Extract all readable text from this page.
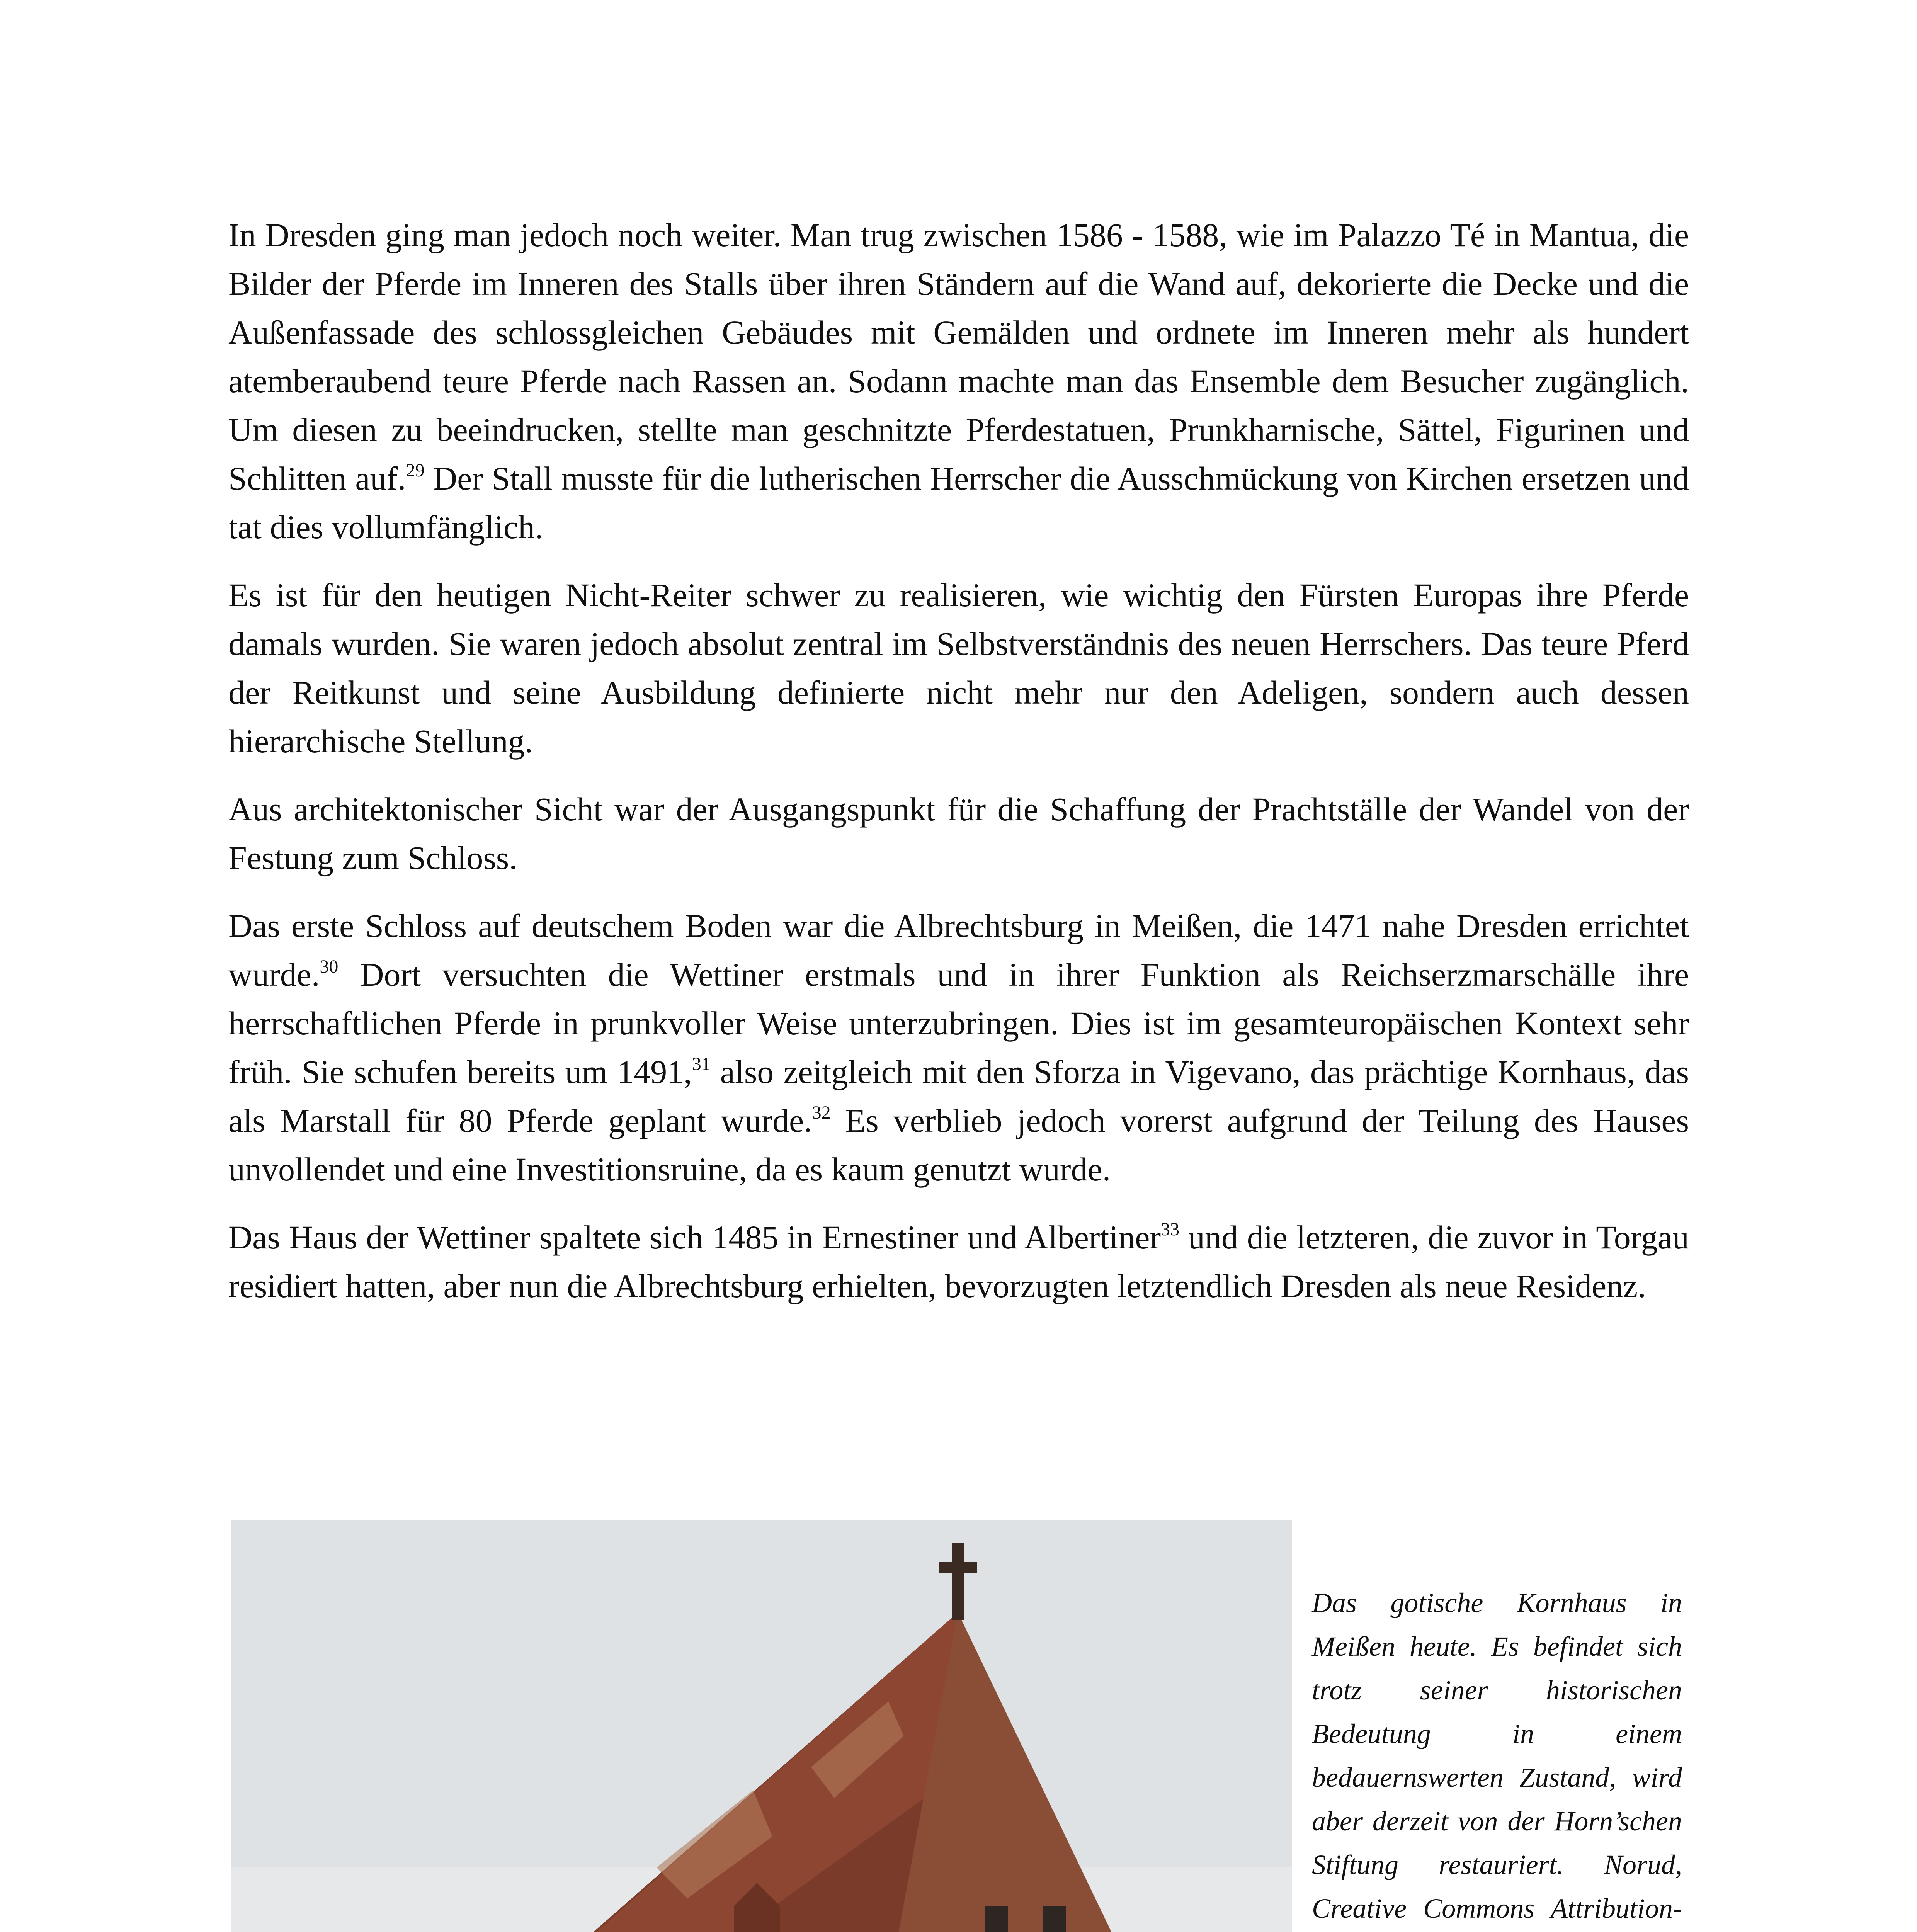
In Dresden ging man jedoch noch weiter. Man trug zwischen 1586 - 1588, wie im Palazzo Té in Mantua, die Bilder der Pferde im Inneren des Stalls über ihren Ständern auf die Wand auf, dekorierte die Decke und die Außenfassade des schlossgleichen Gebäudes mit Gemälden und ordnete im Inneren mehr als hundert atemberaubend teure Pferde nach Rassen an. Sodann machte man das Ensemble dem Besucher zugänglich. Um diesen zu beeindrucken, stellte man geschnitzte Pferdestatuen, Prunkharnische, Sättel, Figurinen und Schlitten auf.$^{29}$ Der Stall musste für die lutherischen Herrscher die Ausschmückung von Kirchen ersetzen und tat dies vollumfänglich.

Es ist für den heutigen Nicht-Reiter schwer zu realisieren, wie wichtig den Fürsten Europas ihre Pferde damals wurden. Sie waren jedoch absolut zentral im Selbstverständnis des neuen Herrschers. Das teure Pferd der Reitkunst und seine Ausbildung definierte nicht mehr nur den Adeligen, sondern auch dessen hierarchische Stellung.

Aus architektonischer Sicht war der Ausgangspunkt für die Schaffung der Prachtställe der Wandel von der Festung zum Schloss.

Das erste Schloss auf deutschem Boden war die Albrechtsburg in Meißen, die 1471 nahe Dresden errichtet wurde.$^{30}$ Dort versuchten die Wettiner erstmals und in ihrer Funktion als Reichserzmarschälle ihre herrschaftlichen Pferde in prunkvoller Weise unterzubringen. Dies ist im gesamteuropäischen Kontext sehr früh. Sie schufen bereits um 1491,31 also zeitgleich mit den Sforza in Vigevano, das prächtige Kornhaus, das als Marstall für 80 Pferde geplant wurde.$^{32}$ Es verblieb jedoch vorerst aufgrund der Teilung des Hauses unvollendet und eine Investitionsruine, da es kaum genutzt wurde.

Das Haus der Wettiner spaltete sich 1485 in Ernestiner und Albertiner$^{33}$ und die letzteren, die zuvor in Torgau residiert hatten, aber nun die Albrechtsburg erhielten, bevorzugten letztendlich Dresden als neue Residenz.

Das gotische Kornhaus in Meißen heute. Es befindet sich trotz seiner historischen Bedeutung in einem bedauernswerten Zustand, wird aber derzeit von der Horn’schen Stiftung restauriert. Norud, Creative Commons Attribution-
